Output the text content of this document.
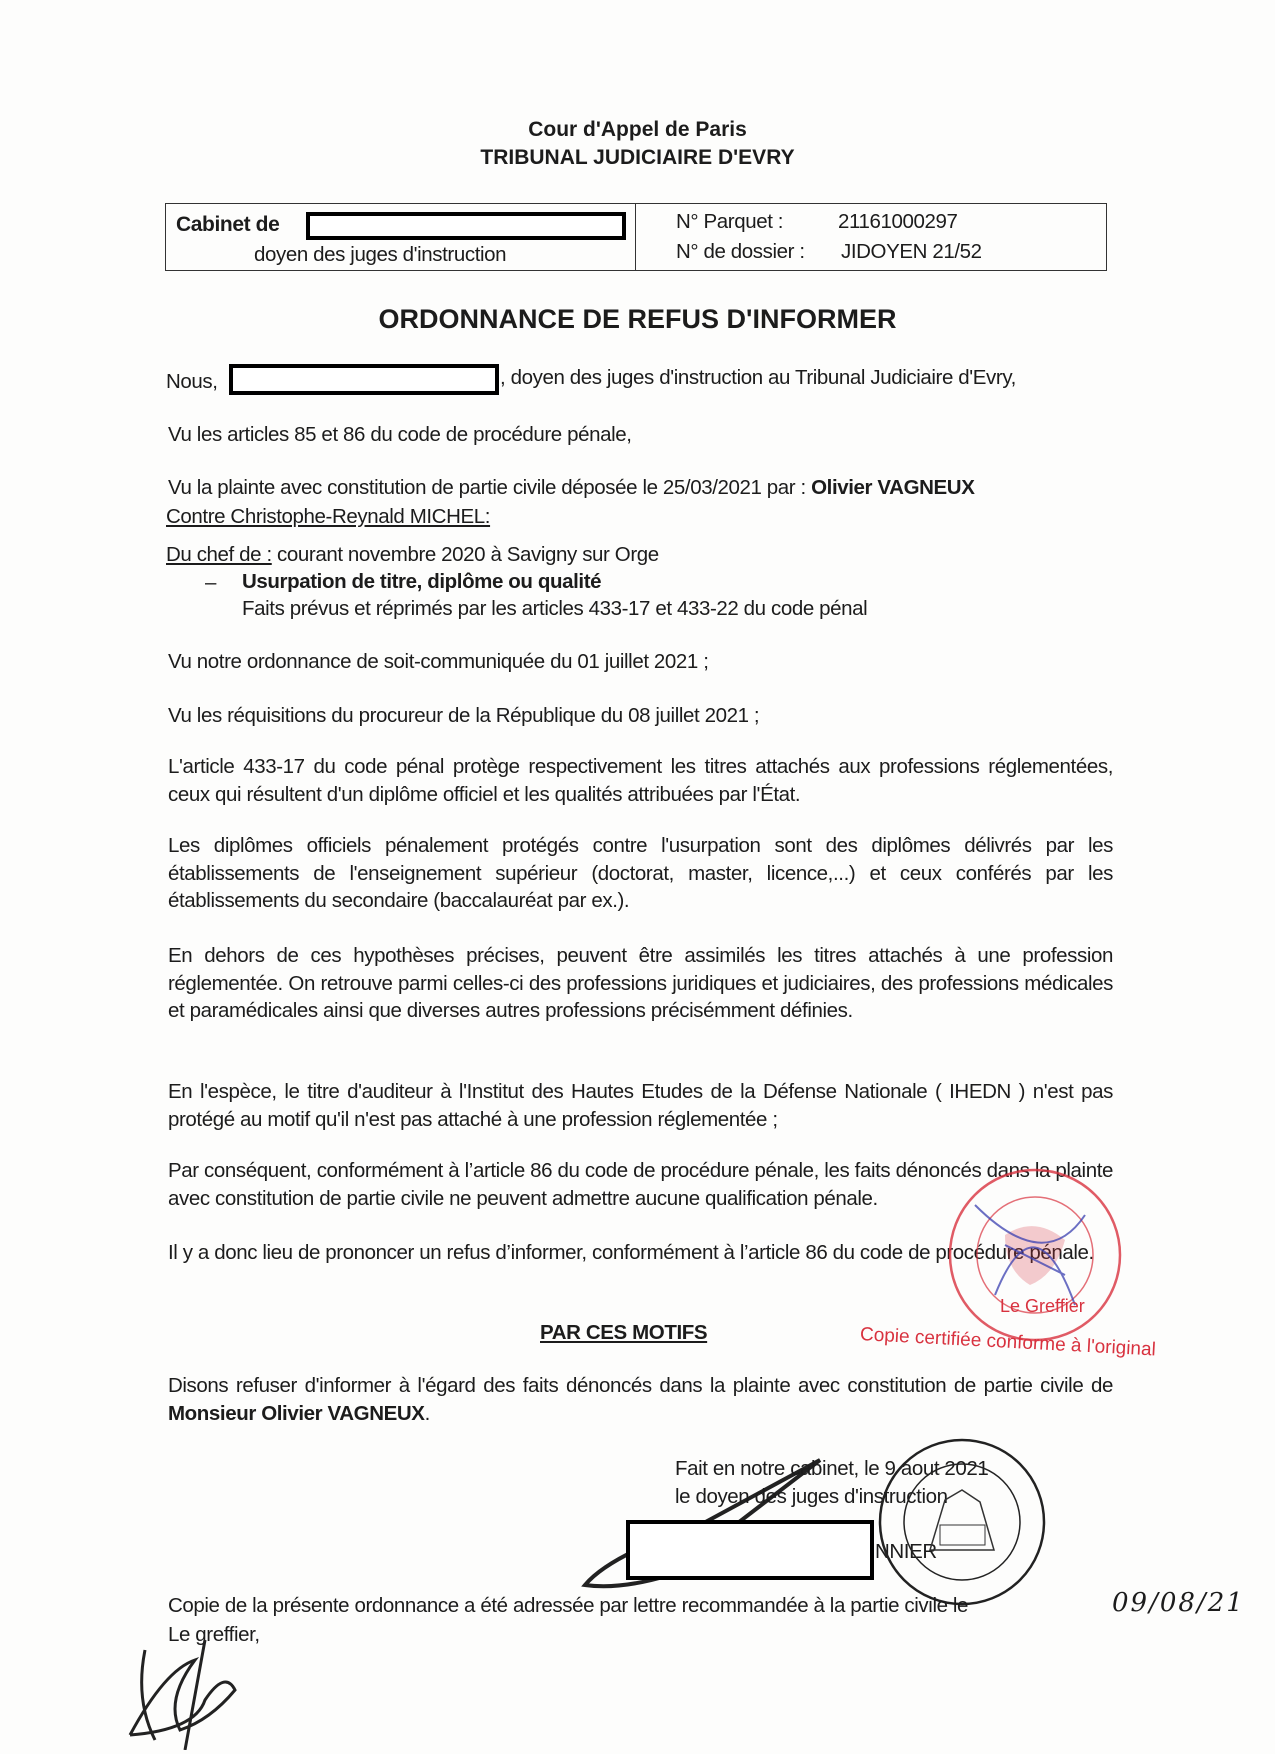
Cour d'Appel de Paris
TRIBUNAL JUDICIAIRE D'EVRY
Cabinet de
doyen des juges d'instruction
N° Parquet :	21161000297
N° de dossier : JIDOYEN 21/52
ORDONNANCE DE REFUS D'INFORMER
Nous,	, doyen des juges d'instruction au Tribunal Judiciaire d'Evry,
Vu les articles 85 et 86 du code de procédure pénale,
Vu la plainte avec constitution de partie civile déposée le 25/03/2021 par : Olivier VAGNEUX
Contre Christophe-Reynald MICHEL:
Du chef de : courant novembre 2020 à Savigny sur Orge
– Usurpation de titre, diplôme ou qualité
Faits prévus et réprimés par les articles 433-17 et 433-22 du code pénal
Vu notre ordonnance de soit-communiquée du 01 juillet 2021 ;
Vu les réquisitions du procureur de la République du 08 juillet 2021 ;
L'article 433-17 du code pénal protège respectivement les titres attachés aux professions réglementées, ceux qui résultent d'un diplôme officiel et les qualités attribuées par l'État.
Les diplômes officiels pénalement protégés contre l'usurpation sont des diplômes délivrés par les établissements de l'enseignement supérieur (doctorat, master, licence,...) et ceux conférés par les établissements du secondaire (baccalauréat par ex.).
En dehors de ces hypothèses précises, peuvent être assimilés les titres attachés à une profession réglementée. On retrouve parmi celles-ci des professions juridiques et judiciaires, des professions médicales et paramédicales ainsi que diverses autres professions précisémment définies.
En l'espèce, le titre d'auditeur à l'Institut des Hautes Etudes de la Défense Nationale ( IHEDN ) n'est pas protégé au motif qu'il n'est pas attaché à une profession réglementée ;
Par conséquent, conformément à l’article 86 du code de procédure pénale, les faits dénoncés dans la plainte avec constitution de partie civile ne peuvent admettre aucune qualification pénale.
Il y a donc lieu de prononcer un refus d’informer, conformément à l’article 86 du code de procédure pénale.
PAR CES MOTIFS
Disons refuser d'informer à l'égard des faits dénoncés dans la plainte avec constitution de partie civile de Monsieur Olivier VAGNEUX.
Le Greffier
Copie certifiée conforme à l'original
Fait en notre cabinet, le 9 aout 2021
le doyen des juges d'instruction
NNIER
Copie de la présente ordonnance a été adressée par lettre recommandée à la partie civile le	09/08/21
Le greffier,
